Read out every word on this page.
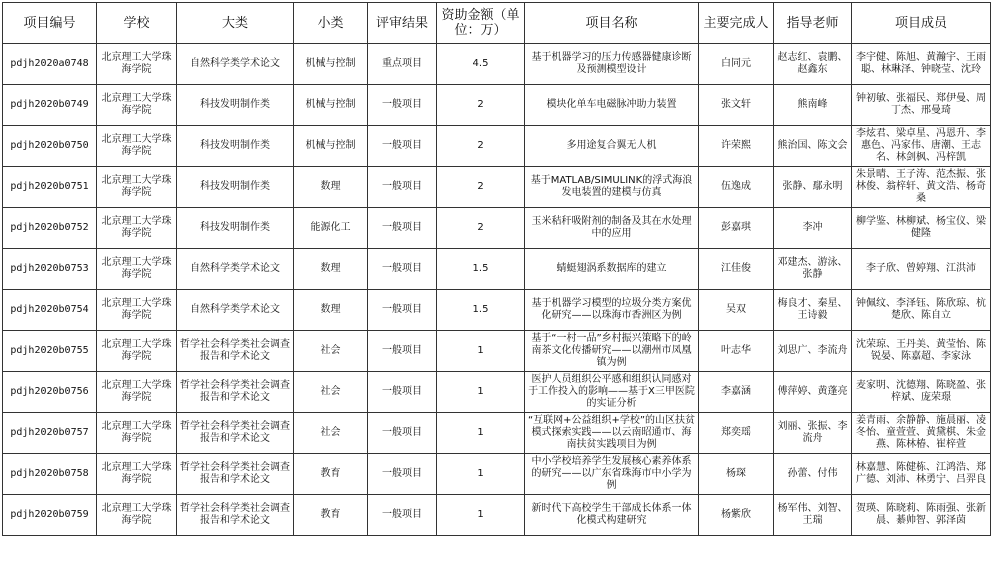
项目编号	学校	大类	小类	评审结果	资助金额（单位：万）	项目名称	主要完成人	指导老师	项目成员
pdjh2020a0748	北京理工大学珠海学院	自然科学类学术论文	机械与控制	重点项目	4.5	基于机器学习的压力传感器健康诊断及预测模型设计	白同元	赵志红、袁鹏、赵鑫东	李宇健、陈旭、黄瀚宇、王雨聪、林琳泽、钟晓莹、沈玲
pdjh2020b0749	北京理工大学珠海学院	科技发明制作类	机械与控制	一般项目	2	模块化单车电磁脉冲助力装置	张文轩	熊南峰	钟初敏、张福民、郑伊曼、周丁杰、邢曼琦
pdjh2020b0750	北京理工大学珠海学院	科技发明制作类	机械与控制	一般项目	2	多用途复合翼无人机	许荣熙	熊治国、陈文会	李炫君、梁卓星、冯恩升、李惠色、冯家伟、唐潮、王志名、林剑枫、冯梓凯
pdjh2020b0751	北京理工大学珠海学院	科技发明制作类	数理	一般项目	2	基于MATLAB/SIMULINK的浮式海浪发电装置的建模与仿真	伍逸成	张静、鄢永明	朱景晴、王子涛、范杰振、张林俊、翁梓轩、黄文浩、杨奇桑
pdjh2020b0752	北京理工大学珠海学院	科技发明制作类	能源化工	一般项目	2	玉米秸秆吸附剂的制备及其在水处理中的应用	彭嘉琪	李冲	柳学鉴、林柳斌、杨宝仪、梁健隆
pdjh2020b0753	北京理工大学珠海学院	自然科学类学术论文	数理	一般项目	1.5	蜻蜓翅涡系数据库的建立	江佳俊	邓建杰、游泳、张静	李子欣、曾婷翔、江洪沛
pdjh2020b0754	北京理工大学珠海学院	自然科学类学术论文	数理	一般项目	1.5	基于机器学习模型的垃圾分类方案优化研究——以珠海市香洲区为例	吴双	梅良才、秦星、王诗毅	钟佩纹、李泽钰、陈欣琼、杭楚欣、陈自立
pdjh2020b0755	北京理工大学珠海学院	哲学社会科学类社会调查报告和学术论文	社会	一般项目	1	基于“一村一品”乡村振兴策略下的岭南茶文化传播研究——以潮州市凤凰镇为例	叶志华	刘思广、李流舟	沈荣琼、王丹美、黄莹怡、陈锐晏、陈嘉超、李家泳
pdjh2020b0756	北京理工大学珠海学院	哲学社会科学类社会调查报告和学术论文	社会	一般项目	1	医护人员组织公平感和组织认同感对于工作投入的影响——基于X三甲医院的实证分析	李嘉涵	傅萍婷、黄蓬亮	麦家明、沈德翔、陈晓盈、张梓斌、庞荣璟
pdjh2020b0757	北京理工大学珠海学院	哲学社会科学类社会调查报告和学术论文	社会	一般项目	1	“互联网+公益组织+学校”的山区扶贫模式探索实践——以云南昭通市、海南扶贫实践项目为例	郑奕瑶	刘丽、张振、李流舟	姜青雨、余静静、施晨丽、凌冬怡、童萱萱、黄黛棋、朱金燕、陈林椿、崔梓萱
pdjh2020b0758	北京理工大学珠海学院	哲学社会科学类社会调查报告和学术论文	教育	一般项目	1	中小学校培养学生发展核心素养体系的研究——以广东省珠海市中小学为例	杨琛	孙蕾、付伟	林嘉慧、陈健栋、江鸿浩、郑广德、刘沛、林勇宁、吕羿良
pdjh2020b0759	北京理工大学珠海学院	哲学社会科学类社会调查报告和学术论文	教育	一般项目	1	新时代下高校学生干部成长体系一体化模式构建研究	杨紫欣	杨军伟、刘智、王瑞	贺瑛、陈晓莉、陈雨强、张新晨、綦帅智、郭泽茵
